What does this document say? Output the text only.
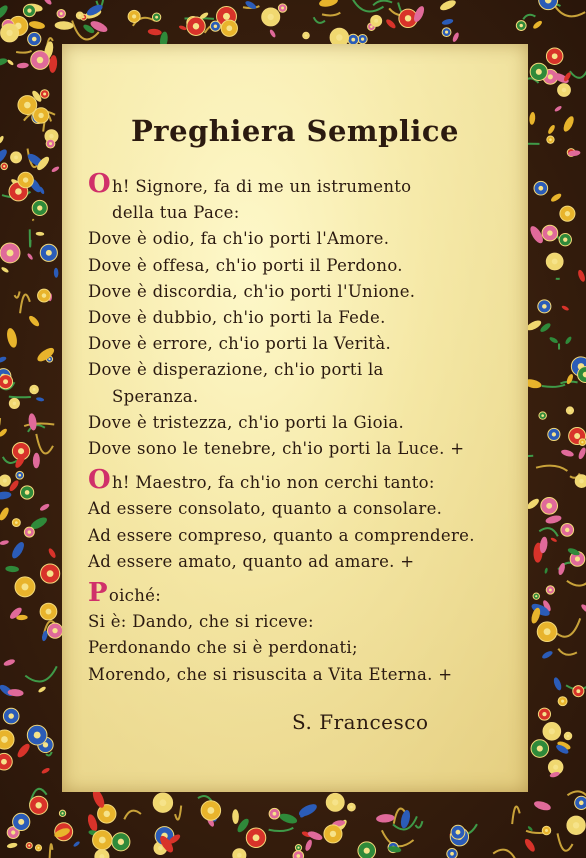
Preghiera Semplice
Oh! Signore, fa di me un istrumento
della tua Pace:
Dove è odio, fa ch'io porti l'Amore.
Dove è offesa, ch'io porti il Perdono.
Dove è discordia, ch'io porti l'Unione.
Dove è dubbio, ch'io porti la Fede.
Dove è errore, ch'io porti la Verità.
Dove è disperazione, ch'io porti la
Speranza.
Dove è tristezza, ch'io porti la Gioia.
Dove sono le tenebre, ch'io porti la Luce. +
Oh! Maestro, fa ch'io non cerchi tanto:
Ad essere consolato, quanto a consolare.
Ad essere compreso, quanto a comprendere.
Ad essere amato, quanto ad amare. +
Poiché:
Si è: Dando, che si riceve:
Perdonando che si è perdonati;
Morendo, che si risuscita a Vita Eterna. +

S. Francesco
